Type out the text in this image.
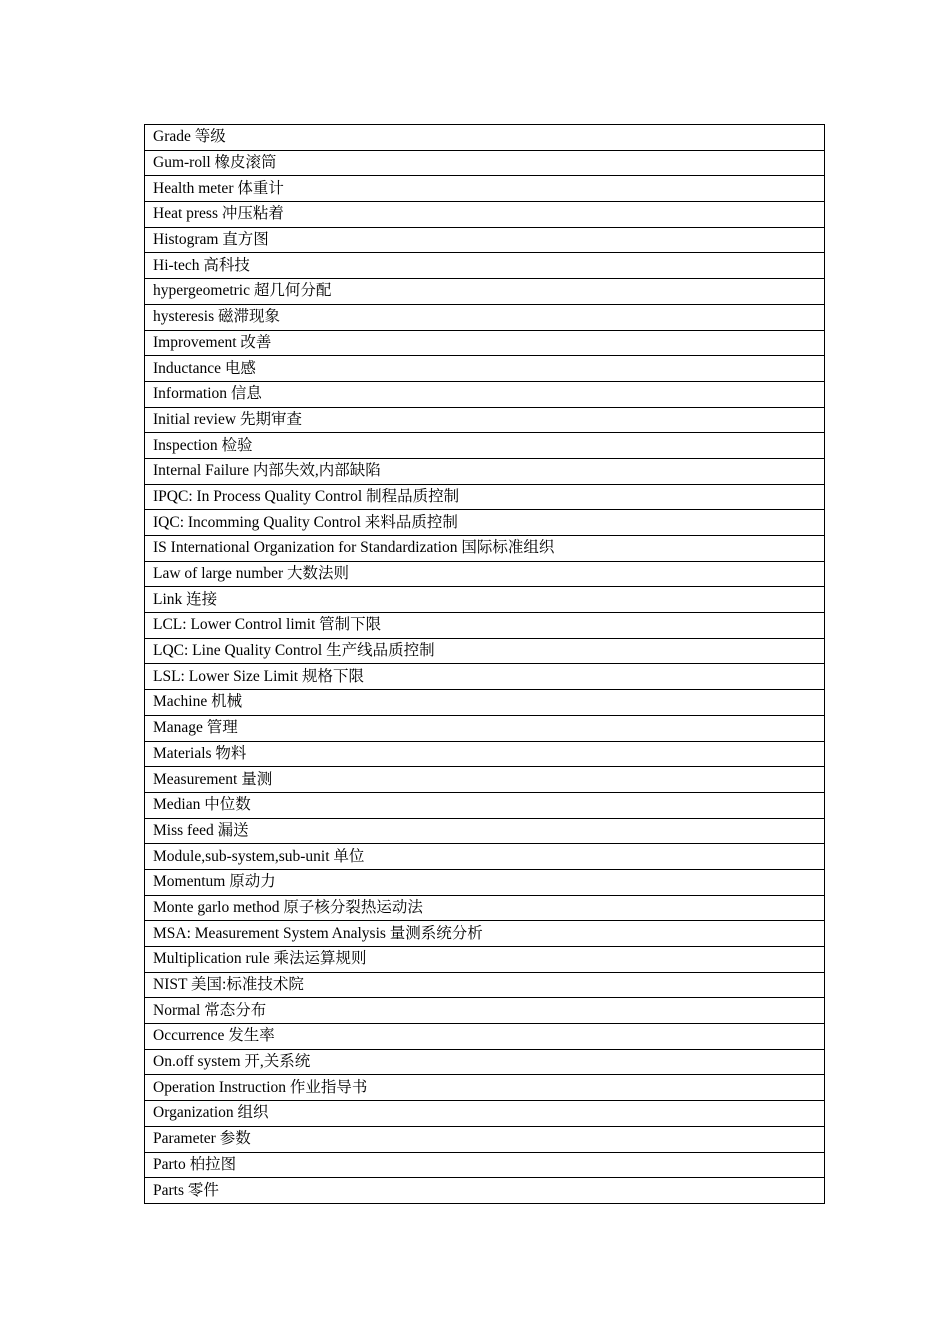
Grade 等级
Gum-roll 橡皮滚筒
Health meter 体重计
Heat press 冲压粘着
Histogram 直方图
Hi-tech 高科技
hypergeometric 超几何分配
hysteresis 磁滞现象
Improvement 改善
Inductance 电感
Information 信息
Initial review 先期审查
Inspection 检验
Internal Failure 内部失效,内部缺陷
IPQC: In Process Quality Control 制程品质控制
IQC: Incomming Quality Control 来料品质控制
IS International Organization for Standardization 国际标准组织
Law of large number 大数法则
Link 连接
LCL: Lower Control limit 管制下限
LQC: Line Quality Control 生产线品质控制
LSL: Lower Size Limit 规格下限
Machine 机械
Manage 管理
Materials 物料
Measurement 量测
Median 中位数
Miss feed 漏送
Module,sub-system,sub-unit 单位
Momentum 原动力
Monte garlo method 原子核分裂热运动法
MSA: Measurement System Analysis 量测系统分析
Multiplication rule 乘法运算规则
NIST 美国:标准技术院
Normal 常态分布
Occurrence 发生率
On.off system 开,关系统
Operation Instruction 作业指导书
Organization 组织
Parameter 参数
Parto 柏拉图
Parts 零件
